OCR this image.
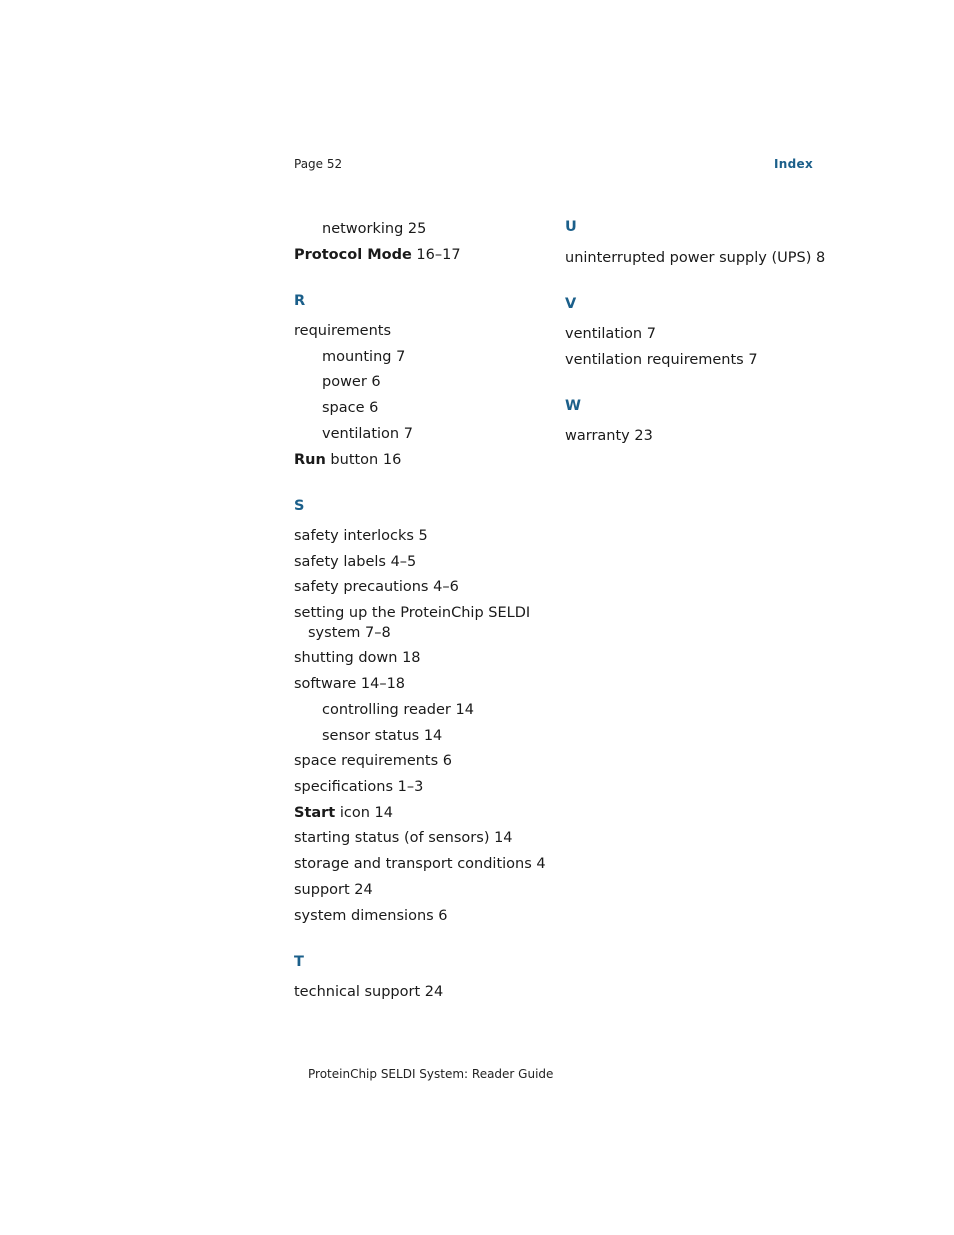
Page 52	Index
networking 25
Protocol Mode 16–17
R
requirements
mounting 7
power 6
space 6
ventilation 7
Run button 16
S
safety interlocks 5
safety labels 4–5
safety precautions 4–6
setting up the ProteinChip SELDI
system 7–8
shutting down 18
software 14–18
controlling reader 14
sensor status 14
space requirements 6
specifications 1–3
Start icon 14
starting status (of sensors) 14
storage and transport conditions 4
support 24
system dimensions 6
T
technical support 24
U
uninterrupted power supply (UPS) 8
V
ventilation 7
ventilation requirements 7
W
warranty 23
ProteinChip SELDI System: Reader Guide
